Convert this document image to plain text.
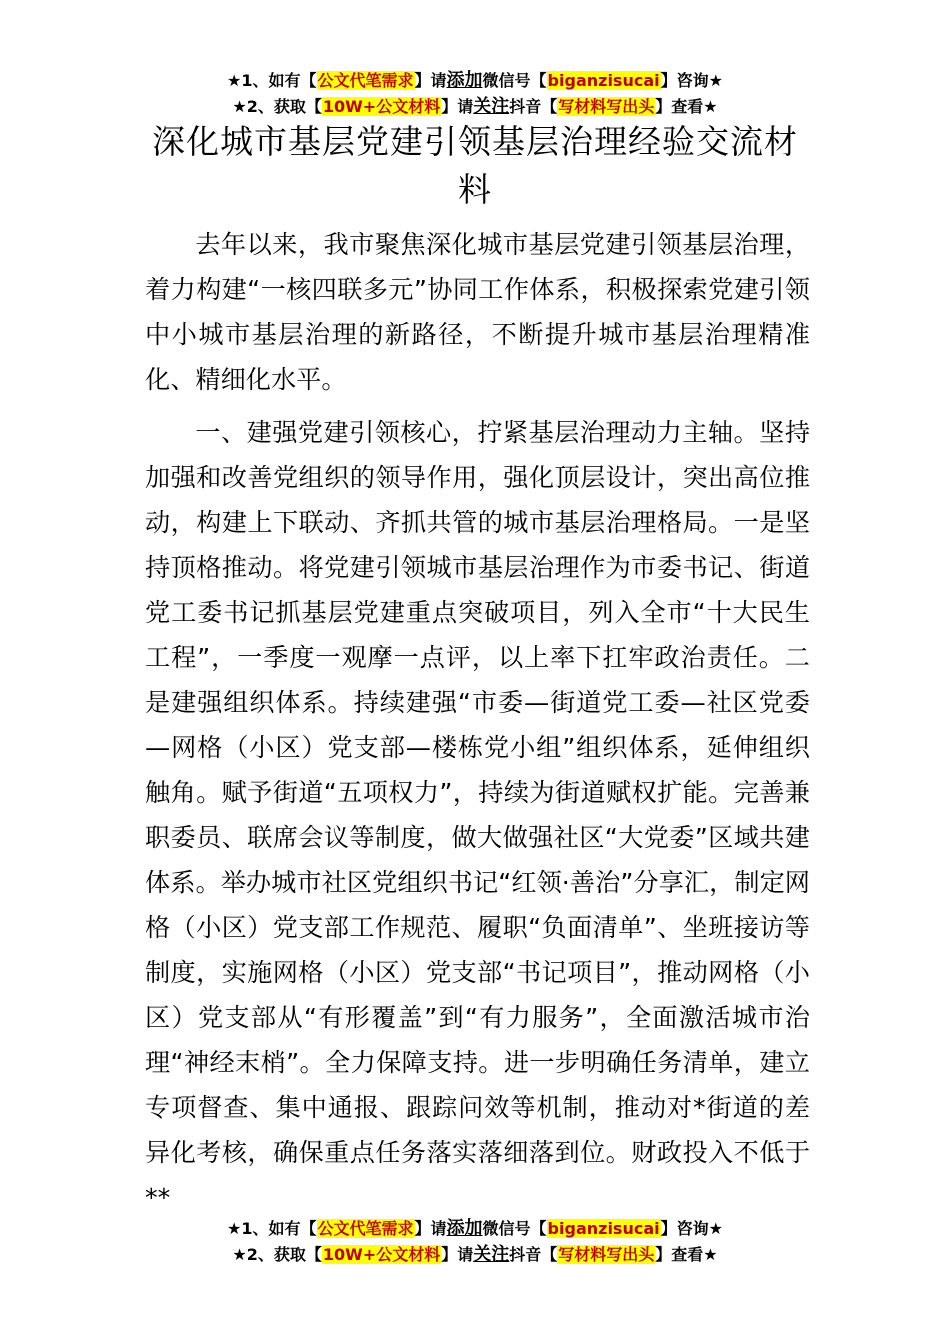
★1、如有【公文代笔需求】请添加微信号【biganzisucai】咨询★
★2、获取【10W+公文材料】请关注抖音【写材料写出头】查看★
深化城市基层党建引领基层治理经验交流材料

去年以来，我市聚焦深化城市基层党建引领基层治理，着力构建“一核四联多元”协同工作体系，积极探索党建引领中小城市基层治理的新路径，不断提升城市基层治理精准化、精细化水平。

一、建强党建引领核心，拧紧基层治理动力主轴。坚持加强和改善党组织的领导作用，强化顶层设计，突出高位推动，构建上下联动、齐抓共管的城市基层治理格局。一是坚持顶格推动。将党建引领城市基层治理作为市委书记、街道党工委书记抓基层党建重点突破项目，列入全市“十大民生工程”，一季度一观摩一点评，以上率下扛牢政治责任。二是建强组织体系。持续建强“市委—街道党工委—社区党委—网格（小区）党支部—楼栋党小组”组织体系，延伸组织触角。赋予街道“五项权力”，持续为街道赋权扩能。完善兼职委员、联席会议等制度，做大做强社区“大党委”区域共建体系。举办城市社区党组织书记“红领·善治”分享汇，制定网格（小区）党支部工作规范、履职“负面清单”、坐班接访等制度，实施网格（小区）党支部“书记项目”，推动网格（小区）党支部从“有形覆盖”到“有力服务”，全面激活城市治理“神经末梢”。全力保障支持。进一步明确任务清单，建立专项督查、集中通报、跟踪问效等机制，推动对*街道的差异化考核，确保重点任务落实落细落到位。财政投入不低于**

★1、如有【公文代笔需求】请添加微信号【biganzisucai】咨询★
★2、获取【10W+公文材料】请关注抖音【写材料写出头】查看★
